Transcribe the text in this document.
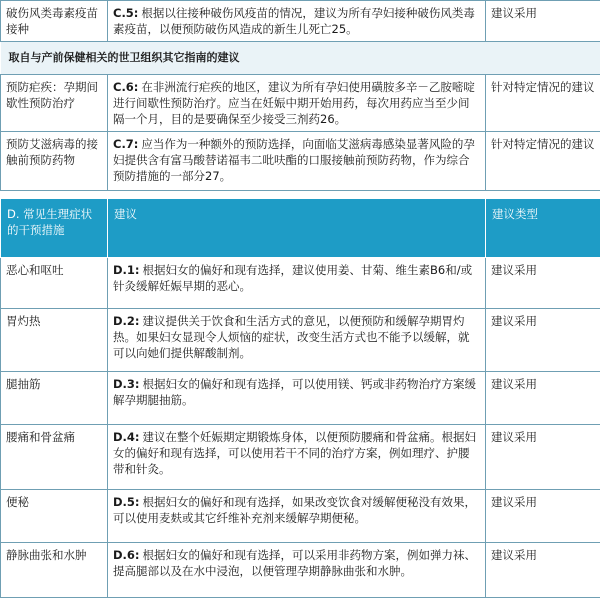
破伤风类毒素疫苗接种	C.5: 根据以往接种破伤风疫苗的情况，建议为所有孕妇接种破伤风类毒素疫苗，以便预防破伤风造成的新生儿死亡25。	建议采用
取自与产前保健相关的世卫组织其它指南的建议		
预防疟疾：孕期间歇性预防治疗	C.6: 在非洲流行疟疾的地区，建议为所有孕妇使用磺胺多辛－乙胺嘧啶进行间歇性预防治疗。应当在妊娠中期开始用药，每次用药应当至少间隔一个月，目的是要确保至少接受三剂药26。	针对特定情况的建议
预防艾滋病毒的接触前预防药物	C.7: 应当作为一种额外的预防选择，向面临艾滋病毒感染显著风险的孕妇提供含有富马酸替诺福韦二吡呋酯的口服接触前预防药物，作为综合预防措施的一部分27。	针对特定情况的建议

D. 常见生理症状的干预措施	建议	建议类型
恶心和呕吐	D.1: 根据妇女的偏好和现有选择，建议使用姜、甘菊、维生素B6和/或针灸缓解妊娠早期的恶心。	建议采用
胃灼热	D.2: 建议提供关于饮食和生活方式的意见，以便预防和缓解孕期胃灼热。如果妇女显现令人烦恼的症状，改变生活方式也不能予以缓解，就可以向她们提供解酸制剂。	建议采用
腿抽筋	D.3: 根据妇女的偏好和现有选择，可以使用镁、钙或非药物治疗方案缓解孕期腿抽筋。	建议采用
腰痛和骨盆痛	D.4: 建议在整个妊娠期定期锻炼身体，以便预防腰痛和骨盆痛。根据妇女的偏好和现有选择，可以使用若干不同的治疗方案，例如理疗、护腰带和针灸。	建议采用
便秘	D.5: 根据妇女的偏好和现有选择，如果改变饮食对缓解便秘没有效果，可以使用麦麸或其它纤维补充剂来缓解孕期便秘。	建议采用
静脉曲张和水肿	D.6: 根据妇女的偏好和现有选择，可以采用非药物方案，例如弹力袜、提高腿部以及在水中浸泡，以便管理孕期静脉曲张和水肿。	建议采用
